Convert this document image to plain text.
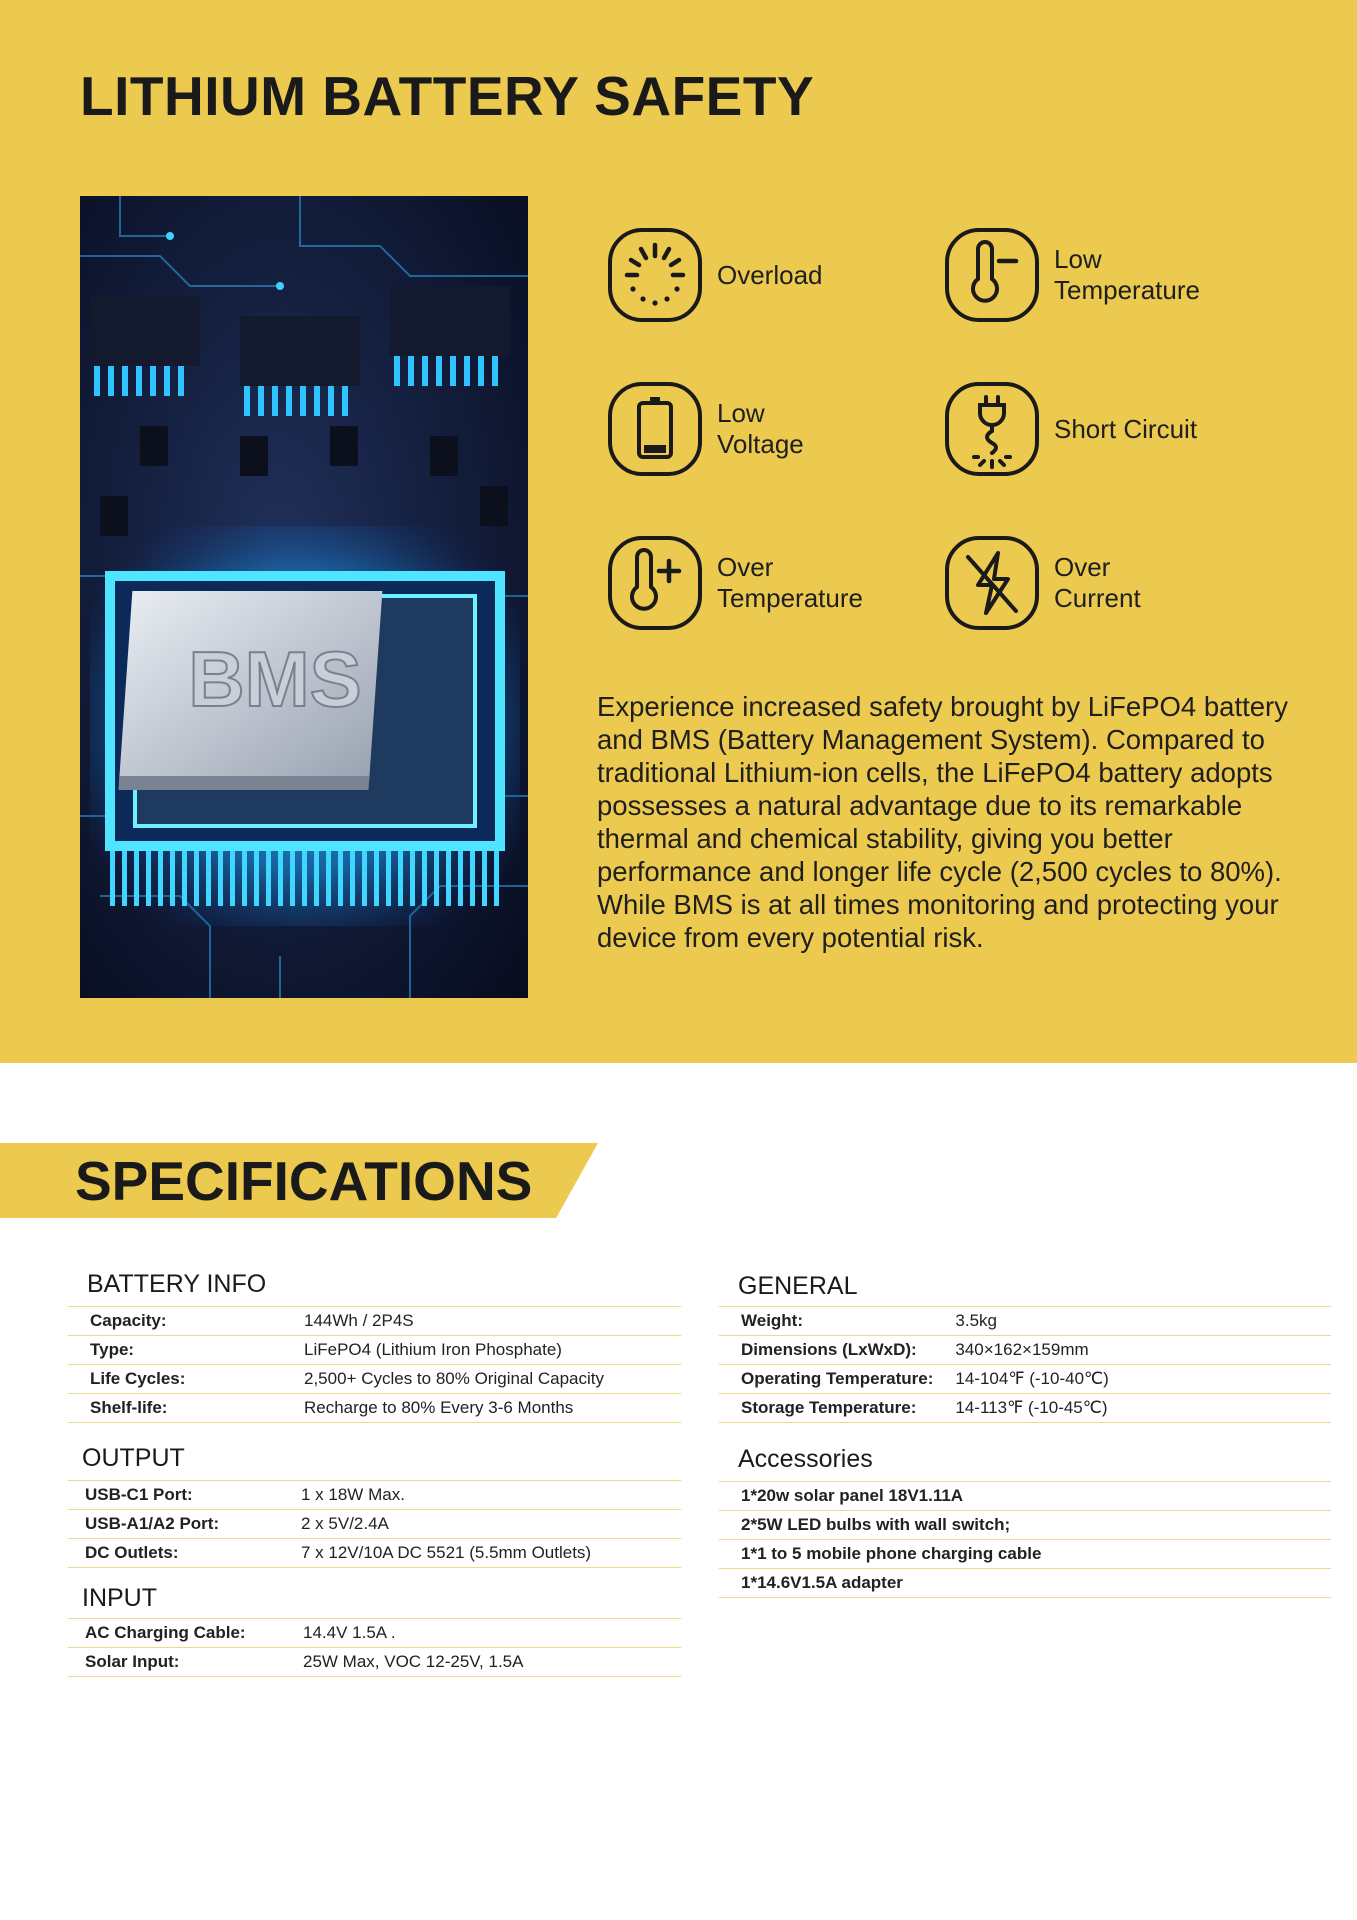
LITHIUM BATTERY SAFETY
BMS
Overload
Low
Temperature
Low
Voltage
Short Circuit
Over
Temperature
Over
Current

Experience increased safety brought by LiFePO4 battery and BMS (Battery Management System). Compared to traditional Lithium-ion cells, the LiFePO4 battery adopts possesses a natural advantage due to its remarkable thermal and chemical stability, giving you better performance and longer life cycle (2,500 cycles to 80%). While BMS is at all times monitoring and protecting your device from every potential risk.

SPECIFICATIONS
BATTERY INFO
Capacity:	144Wh / 2P4S
Type:	LiFePO4 (Lithium Iron Phosphate)
Life Cycles:	2,500+ Cycles to 80% Original Capacity
Shelf-life:	Recharge to 80% Every 3-6 Months
OUTPUT
USB-C1 Port:	1 x 18W Max.
USB-A1/A2 Port:	2 x 5V/2.4A
DC Outlets:	7 x 12V/10A DC 5521 (5.5mm Outlets)
INPUT
AC Charging Cable:	14.4V 1.5A .
Solar Input:	25W Max, VOC 12-25V, 1.5A
GENERAL
Weight:	3.5kg
Dimensions (LxWxD):	340×162×159mm
Operating Temperature:	14-104℉ (-10-40℃)
Storage Temperature:	14-113℉ (-10-45℃)
Accessories
1*20w solar panel 18V1.11A
2*5W LED bulbs with wall switch;
1*1 to 5 mobile phone charging cable
1*14.6V1.5A adapter
